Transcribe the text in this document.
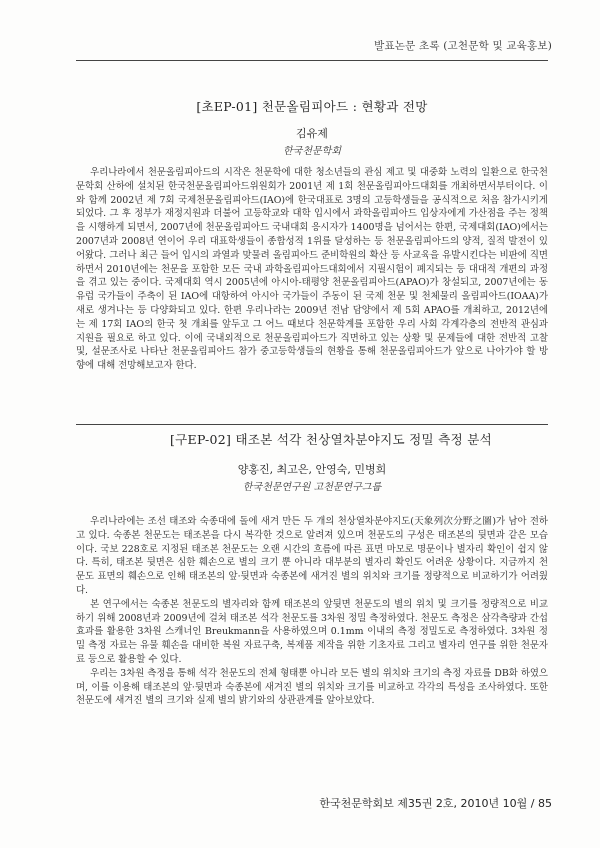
발표논문 초록 (고천문학 및 교육홍보)
[초EP-01] 천문올림피아드 : 현황과 전망
김유제
한국천문학회

우리나라에서 천문올림피아드의 시작은 천문학에 대한 청소년들의 관심 제고 및 대중화 노력의 일환으로 한국천문학회 산하에 설치된 한국천문올림피아드위원회가 2001년 제 1회 천문올림피아드대회를 개최하면서부터이다. 이와 함께 2002년 제 7회 국제천문올림피아드(IAO)에 한국대표로 3명의 고등학생들을 공식적으로 처음 참가시키게 되었다. 그 후 정부가 재정지원과 더불어 고등학교와 대학 입시에서 과학올림피아드 입상자에게 가산점을 주는 정책을 시행하게 되면서, 2007년에 천문올림피아드 국내대회 응시자가 1400명을 넘어서는 한편, 국제대회(IAO)에서는 2007년과 2008년 연이어 우리 대표학생들이 종합성적 1위를 달성하는 등 천문올림피아드의 양적, 질적 발전이 있어왔다. 그러나 최근 들어 입시의 과열과 맞물려 올림피아드 준비학원의 확산 등 사교육을 유발시킨다는 비판에 직면하면서 2010년에는 천문을 포함한 모든 국내 과학올림피아드대회에서 지필시험이 폐지되는 등 대대적 개편의 과정을 겪고 있는 중이다. 국제대회 역시 2005년에 아시아-태평양 천문올림피아드(APAO)가 창설되고, 2007년에는 동유럽 국가들이 주축이 된 IAO에 대항하여 아시아 국가들이 주동이 된 국제 천문 및 천체물리 올림피아드(IOAA)가 새로 생겨나는 등 다양화되고 있다. 한편 우리나라는 2009년 전남 담양에서 제 5회 APAO를 개최하고, 2012년에는 제 17회 IAO의 한국 첫 개최를 앞두고 그 어느 때보다 천문학계를 포함한 우리 사회 각계각층의 전반적 관심과 지원을 필요로 하고 있다. 이에 국내외적으로 천문올림피아드가 직면하고 있는 상황 및 문제들에 대한 전반적 고찰 및, 설문조사로 나타난 천문올림피아드 참가 중고등학생들의 현황을 통해 천문올림피아드가 앞으로 나아가야 할 방향에 대해 전망해보고자 한다.

[구EP-02] 태조본 석각 천상열차분야지도 정밀 측정 분석
양홍진, 최고은, 안영숙, 민병희
한국천문연구원 고천문연구그룹

우리나라에는 조선 태조와 숙종대에 돌에 새겨 만든 두 개의 천상열차분야지도(天象列次分野之圖)가 남아 전하고 있다. 숙종본 천문도는 태조본을 다시 복각한 것으로 알려져 있으며 천문도의 구성은 태조본의 뒷면과 같은 모습이다. 국보 228호로 지정된 태조본 천문도는 오랜 시간의 흐름에 따른 표면 마모로 명문이나 별자리 확인이 쉽지 않다. 특히, 태조본 뒷면은 심한 훼손으로 별의 크기 뿐 아니라 대부분의 별자리 확인도 어려운 상황이다. 지금까지 천문도 표면의 훼손으로 인해 태조본의 앞·뒷면과 숙종본에 새겨진 별의 위치와 크기를 정량적으로 비교하기가 어려웠다.

본 연구에서는 숙종본 천문도의 별자리와 함께 태조본의 앞뒷면 천문도의 별의 위치 및 크기를 정량적으로 비교하기 위해 2008년과 2009년에 걸쳐 태조본 석각 천문도를 3차원 정밀 측정하였다. 천문도 측정은 삼각측량과 간섭효과를 활용한 3차원 스캐너인 Breukmann을 사용하였으며 0.1mm 이내의 측정 정밀도로 측정하였다. 3차원 정밀 측정 자료는 유물 훼손을 대비한 복원 자료구축, 복제품 제작을 위한 기초자료 그리고 별자리 연구를 위한 천문자료 등으로 활용할 수 있다.

우리는 3차원 측정을 통해 석각 천문도의 전체 형태뿐 아니라 모든 별의 위치와 크기의 측정 자료를 DB화 하였으며, 이를 이용해 태조본의 앞·뒷면과 숙종본에 새겨진 별의 위치와 크기를 비교하고 각각의 특성을 조사하였다. 또한 천문도에 새겨진 별의 크기와 실제 별의 밝기와의 상관관계를 알아보았다.

한국천문학회보 제35권 2호, 2010년 10월 / 85
